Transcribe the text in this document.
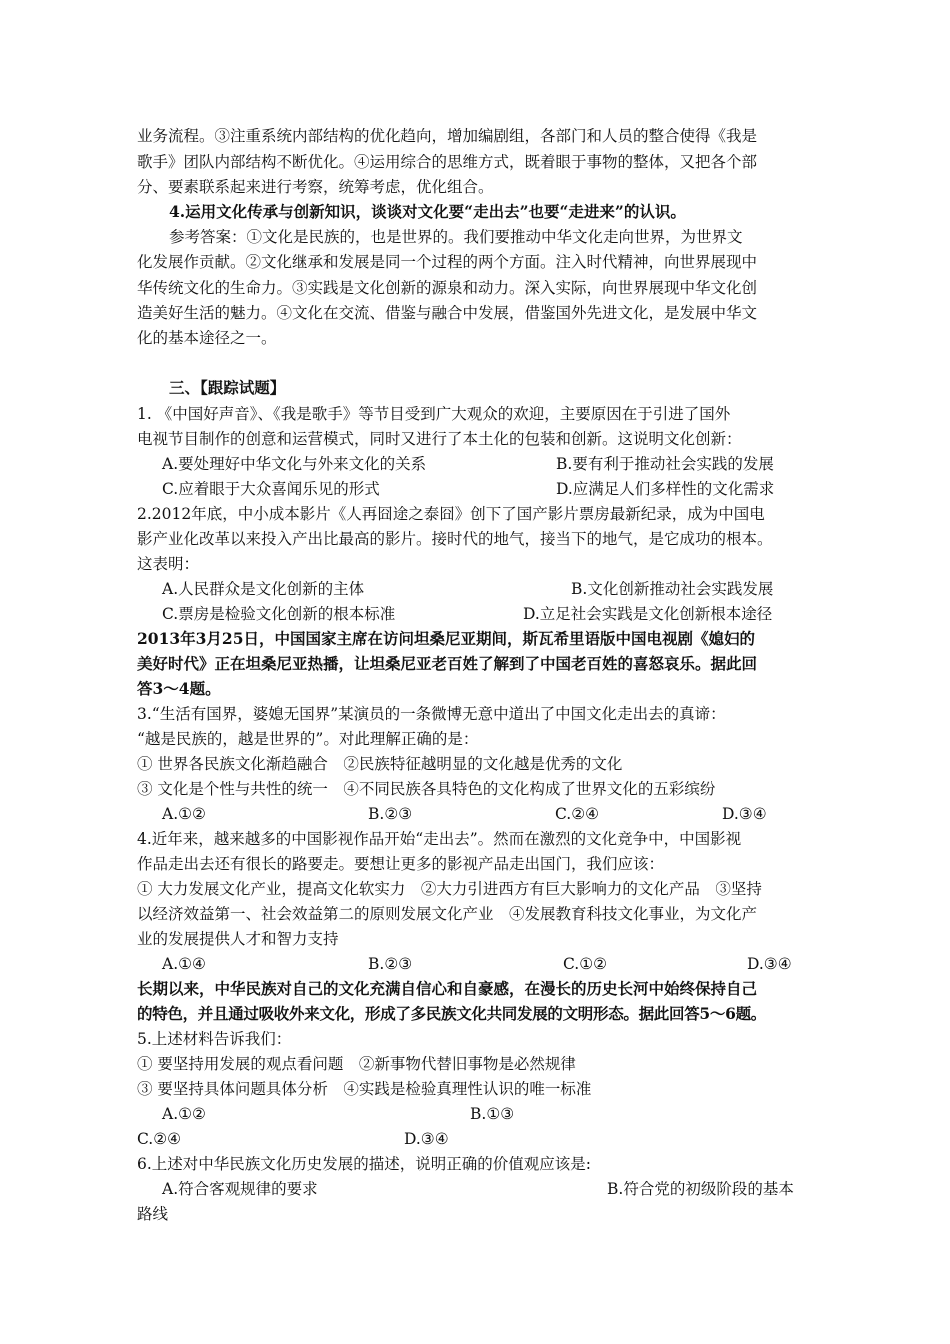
业务流程。③注重系统内部结构的优化趋向，增加编剧组，各部门和人员的整合使得《我是
歌手》团队内部结构不断优化。④运用综合的思维方式，既着眼于事物的整体，又把各个部
分、要素联系起来进行考察，统筹考虑，优化组合。
4.运用文化传承与创新知识，谈谈对文化要“走出去”也要“走进来”的认识。
参考答案：①文化是民族的，也是世界的。我们要推动中华文化走向世界，为世界文
化发展作贡献。②文化继承和发展是同一个过程的两个方面。注入时代精神，向世界展现中
华传统文化的生命力。③实践是文化创新的源泉和动力。深入实际，向世界展现中华文化创
造美好生活的魅力。④文化在交流、借鉴与融合中发展，借鉴国外先进文化，是发展中华文
化的基本途径之一。
三、【跟踪试题】
1. 《中国好声音》、《我是歌手》等节目受到广大观众的欢迎，主要原因在于引进了国外
电视节目制作的创意和运营模式，同时又进行了本土化的包装和创新。这说明文化创新：
A.要处理好中华文化与外来文化的关系	B.要有利于推动社会实践的发展
C.应着眼于大众喜闻乐见的形式	D.应满足人们多样性的文化需求
2.2012年底，中小成本影片《人再囧途之泰囧》创下了国产影片票房最新纪录，成为中国电
影产业化改革以来投入产出比最高的影片。接时代的地气，接当下的地气，是它成功的根本。
这表明：
A.人民群众是文化创新的主体	B.文化创新推动社会实践发展
C.票房是检验文化创新的根本标准	D.立足社会实践是文化创新根本途径
2013年3月25日，中国国家主席在访问坦桑尼亚期间，斯瓦希里语版中国电视剧《媳妇的
美好时代》正在坦桑尼亚热播，让坦桑尼亚老百姓了解到了中国老百姓的喜怒哀乐。据此回
答3～4题。
3.“生活有国界，婆媳无国界”某演员的一条微博无意中道出了中国文化走出去的真谛：
“越是民族的，越是世界的”。对此理解正确的是：
① 世界各民族文化渐趋融合　②民族特征越明显的文化越是优秀的文化
③ 文化是个性与共性的统一　④不同民族各具特色的文化构成了世界文化的五彩缤纷
A.①②	B.②③	C.②④	D.③④
4.近年来，越来越多的中国影视作品开始“走出去”。然而在激烈的文化竞争中，中国影视
作品走出去还有很长的路要走。要想让更多的影视产品走出国门，我们应该：
① 大力发展文化产业，提高文化软实力　②大力引进西方有巨大影响力的文化产品　③坚持
以经济效益第一、社会效益第二的原则发展文化产业　④发展教育科技文化事业，为文化产
业的发展提供人才和智力支持
A.①④	B.②③	C.①②	D.③④
长期以来，中华民族对自己的文化充满自信心和自豪感，在漫长的历史长河中始终保持自己
的特色，并且通过吸收外来文化，形成了多民族文化共同发展的文明形态。据此回答5～6题。
5.上述材料告诉我们：
① 要坚持用发展的观点看问题　②新事物代替旧事物是必然规律
③ 要坚持具体问题具体分析　④实践是检验真理性认识的唯一标准
A.①②	B.①③
C.②④	D.③④
6.上述对中华民族文化历史发展的描述，说明正确的价值观应该是:
A.符合客观规律的要求	B.符合党的初级阶段的基本
路线
